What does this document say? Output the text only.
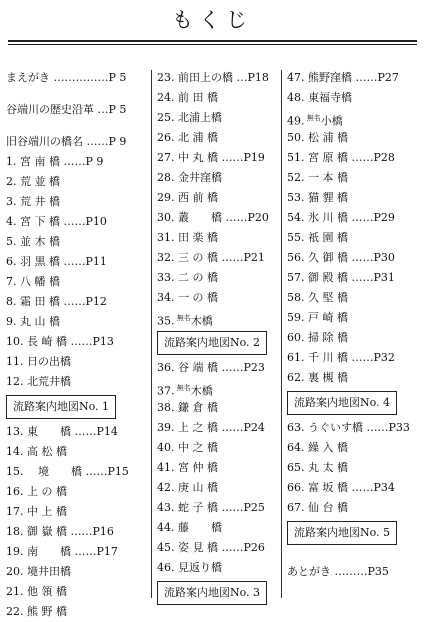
もくじ
まえがき ……………P 5
谷端川の歴史沿革 …P 5
旧谷端川の橋名 ……P 9
1. 宮 南 橋 ……P 9
2. 荒 並 橋
3. 荒 井 橋
4. 宮 下 橋 ……P10
5. 並 木 橋
6. 羽 黒 橋 ……P11
7. 八 幡 橋
8. 霜 田 橋 ……P12
9. 丸 山 橋
10. 長 崎 橋 ……P13
11. 日の出橋
12. 北荒井橋
流路案内地図No. 1
13. 東　　橋 ……P14
14. 高 松 橋
15. 　境　　橋 ……P15
16. 上 の 橋
17. 中 上 橋
18. 御 嶽 橋 ……P16
19. 南　　橋 ……P17
20. 境井田橋
21. 他 領 橋
22. 熊 野 橋
23. 前田上の橋 …P18
24. 前 田 橋
25. 北浦上橋
26. 北 浦 橋
27. 中 丸 橋 ……P19
28. 金井窪橋
29. 西 前 橋
30. 叢　　橋 ……P20
31. 田 楽 橋
32. 三 の 橋 ……P21
33. 二 の 橋
34. 一 の 橋
35. $^{無名}$木橋
流路案内地図No. 2
36. 谷 端 橋 ……P23
37. $^{無名}$木橋
38. 鎌 倉 橋
39. 上 之 橋 ……P24
40. 中 之 橋
41. 宮 仲 橋
42. 庚 山 橋
43. 蛇 子 橋 ……P25
44. 藤　　橋
45. 姿 見 橋 ……P26
46. 見返り橋
流路案内地図No. 3
47. 熊野窪橋 ……P27
48. 東福寺橋
49. $^{無名}$小橋
50. 松 浦 橋
51. 宮 原 橋 ……P28
52. 一 本 橋
53. 猫 貍 橋
54. 氷 川 橋 ……P29
55. 祇 園 橋
56. 久 御 橋 ……P30
57. 御 殿 橋 ……P31
58. 久 堅 橋
59. 戸 崎 橋
60. 掃 除 橋
61. 千 川 橋 ……P32
62. 裏 槻 橋
流路案内地図No. 4
63. うぐいす橋 ……P33
64. 繰 入 橋
65. 丸 太 橋
66. 富 坂 橋 ……P34
67. 仙 台 橋
流路案内地図No. 5
あとがき ………P35
